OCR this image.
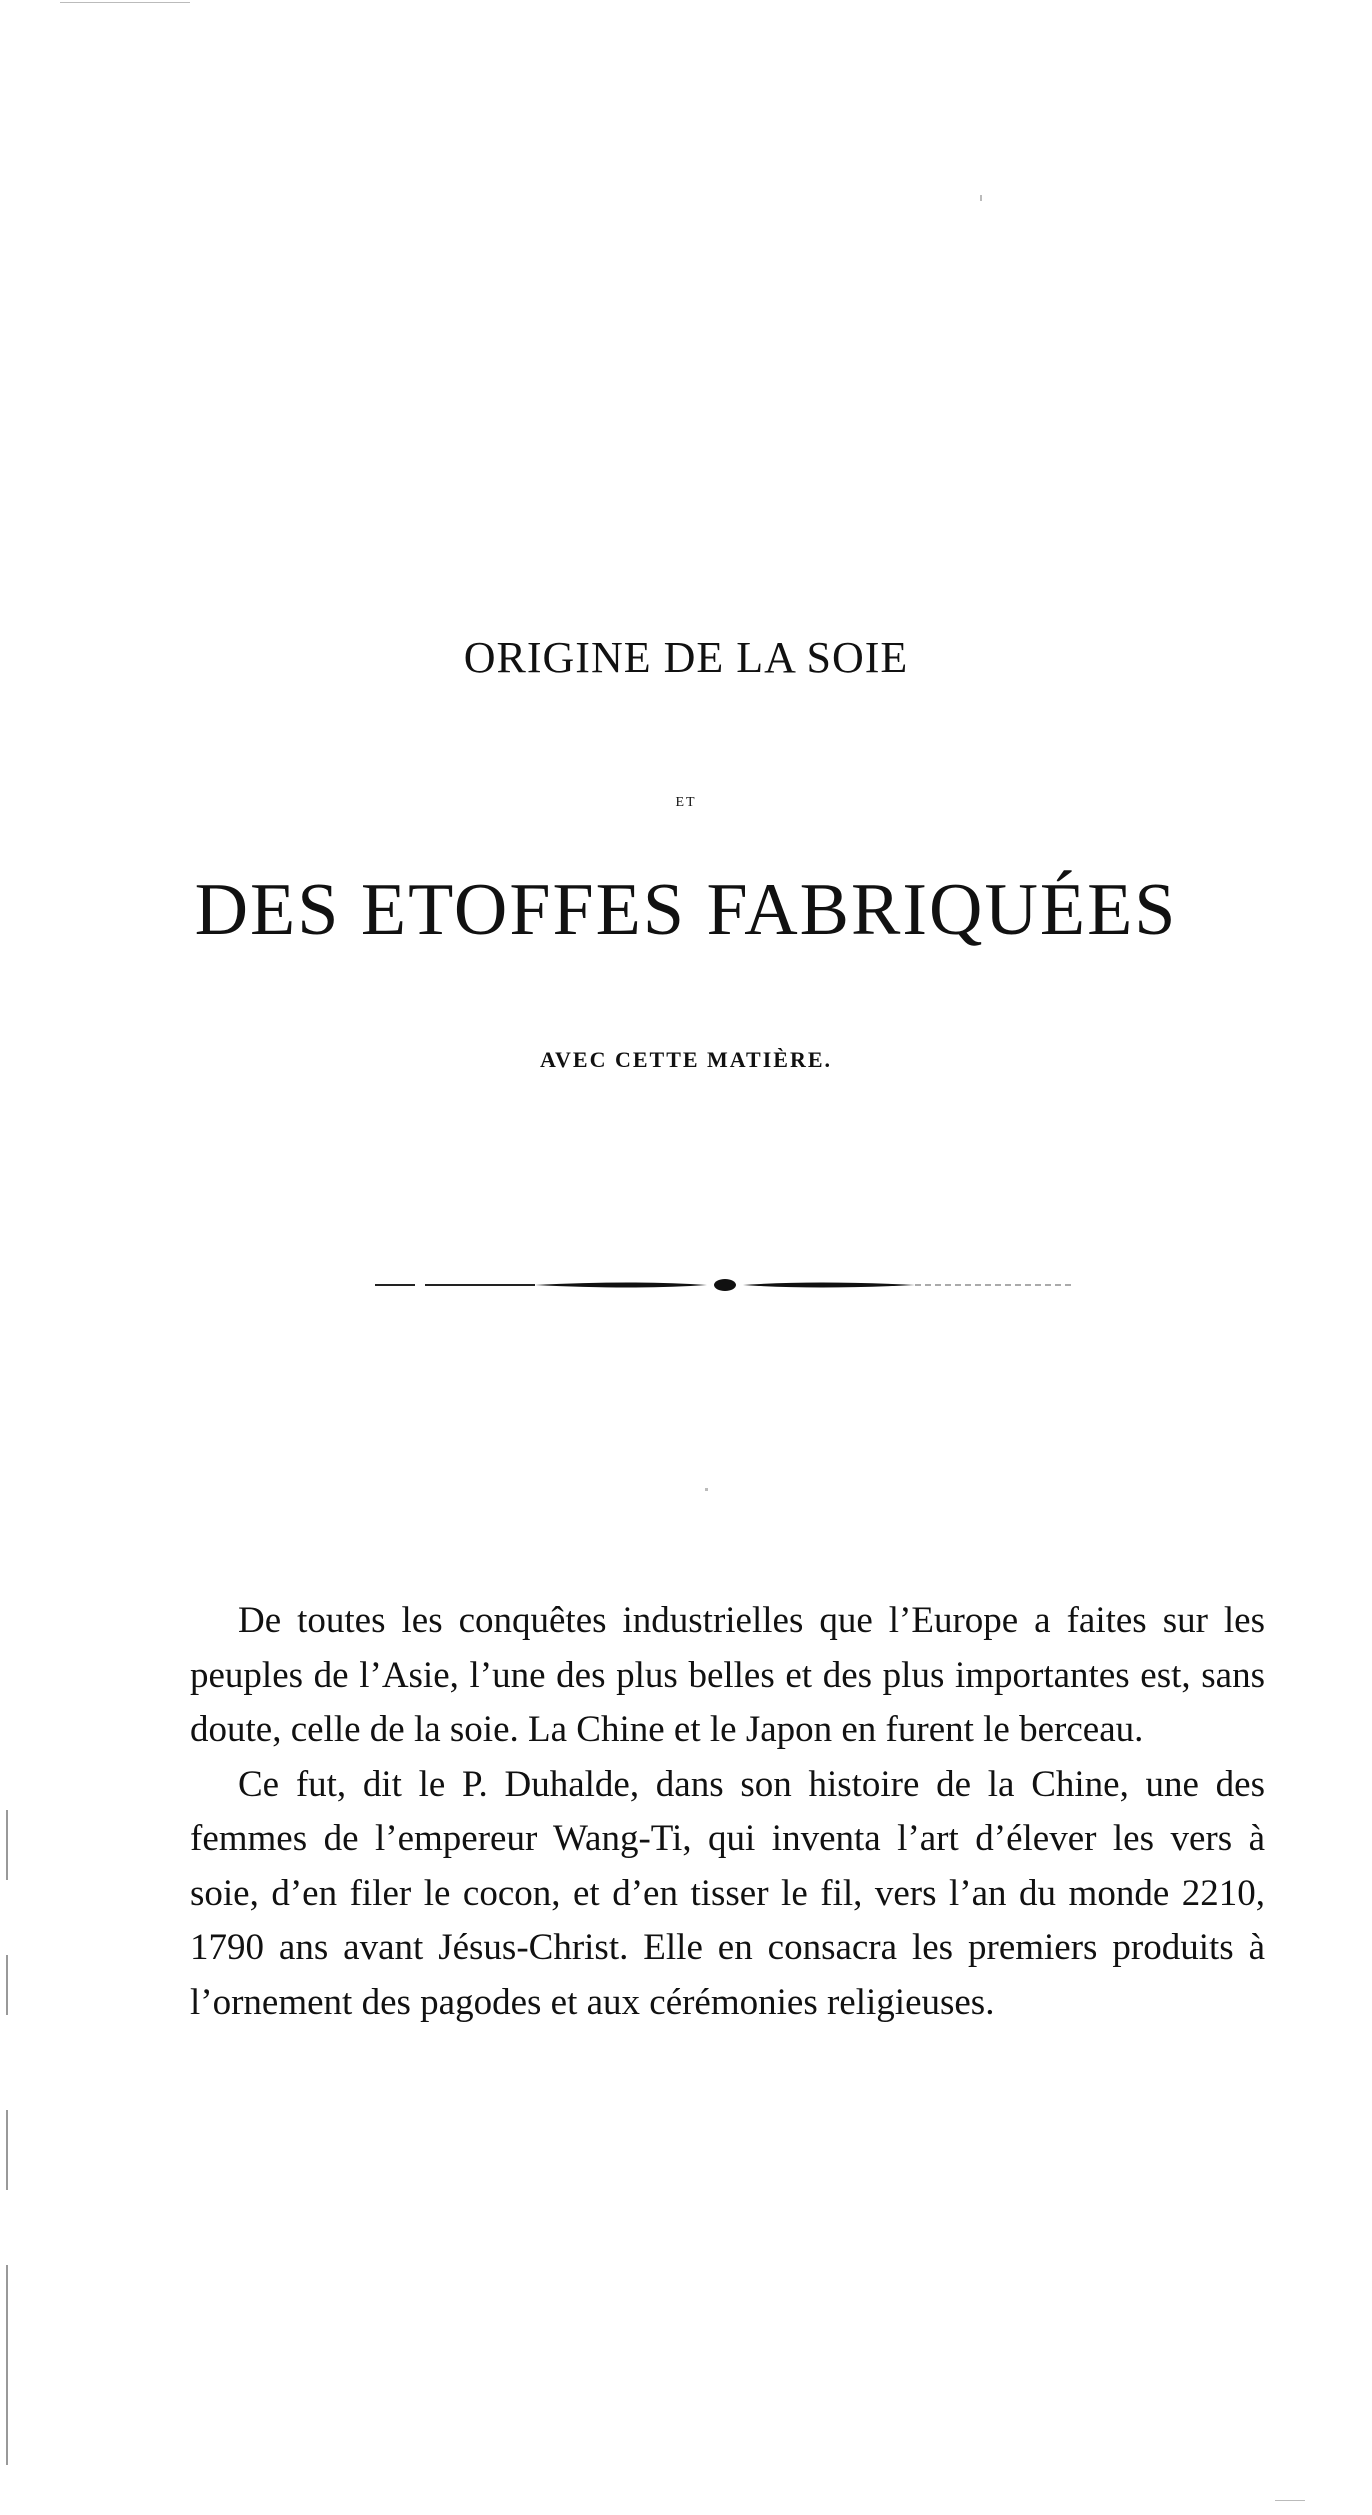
ORIGINE DE LA SOIE
ET
DES ETOFFES FABRIQUÉES
AVEC CETTE MATIÈRE.

De toutes les conquêtes industrielles que l’Europe a faites sur les peuples de l’Asie, l’une des plus belles et des plus importantes est, sans doute, celle de la soie. La Chine et le Japon en furent le berceau.

Ce fut, dit le P. Duhalde, dans son histoire de la Chine, une des femmes de l’empereur Wang-Ti, qui inventa l’art d’élever les vers à soie, d’en filer le cocon, et d’en tisser le fil, vers l’an du monde 2210, 1790 ans avant Jésus-Christ. Elle en consacra les premiers produits à l’ornement des pagodes et aux cérémonies religieuses.
